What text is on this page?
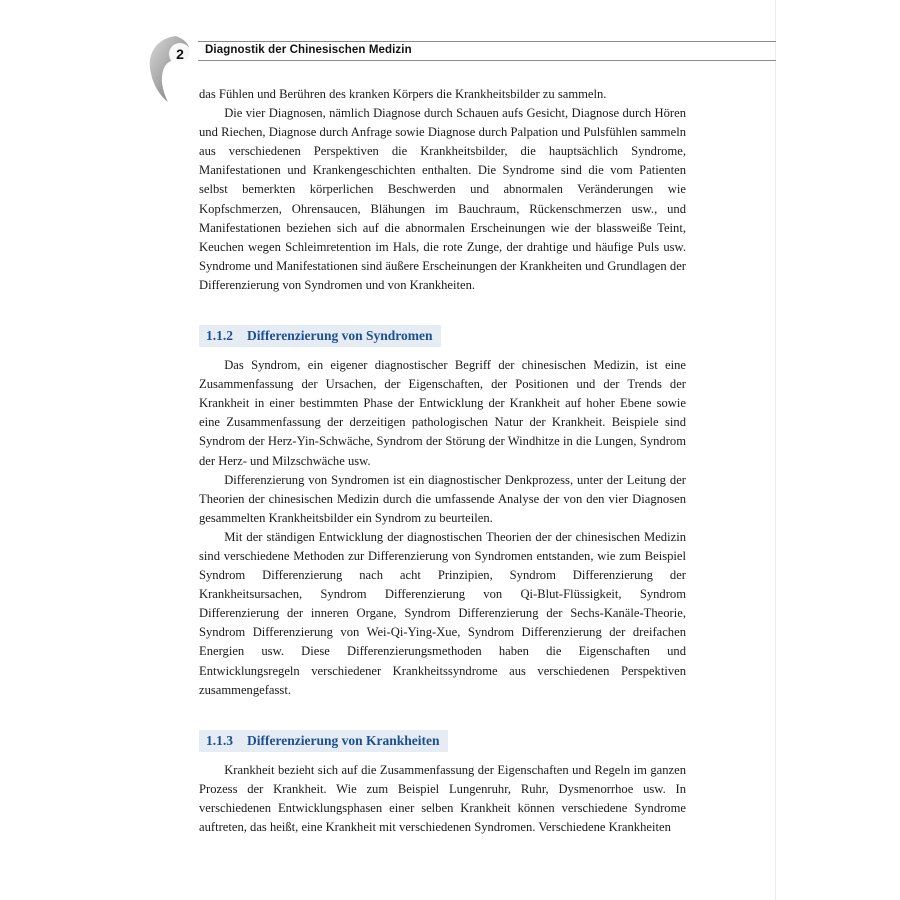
2	Diagnostik der Chinesischen Medizin

das Fühlen und Berühren des kranken Körpers die Krankheitsbilder zu sammeln.

Die vier Diagnosen, nämlich Diagnose durch Schauen aufs Gesicht, Diagnose durch Hören und Riechen, Diagnose durch Anfrage sowie Diagnose durch Palpation und Pulsfühlen sammeln aus verschiedenen Perspektiven die Krankheitsbilder, die hauptsächlich Syndrome, Manifestationen und Krankengeschichten enthalten. Die Syndrome sind die vom Patienten selbst bemerkten körperlichen Beschwerden und abnormalen Veränderungen wie Kopfschmerzen, Ohrensaucen, Blähungen im Bauchraum, Rückenschmerzen usw., und Manifestationen beziehen sich auf die abnormalen Erscheinungen wie der blassweiße Teint, Keuchen wegen Schleimretention im Hals, die rote Zunge, der drahtige und häufige Puls usw. Syndrome und Manifestationen sind äußere Erscheinungen der Krankheiten und Grundlagen der Differenzierung von Syndromen und von Krankheiten.

1.1.2 Differenzierung von Syndromen

Das Syndrom, ein eigener diagnostischer Begriff der chinesischen Medizin, ist eine Zusammenfassung der Ursachen, der Eigenschaften, der Positionen und der Trends der Krankheit in einer bestimmten Phase der Entwicklung der Krankheit auf hoher Ebene sowie eine Zusammenfassung der derzeitigen pathologischen Natur der Krankheit. Beispiele sind Syndrom der Herz-Yin-Schwäche, Syndrom der Störung der Windhitze in die Lungen, Syndrom der Herz- und Milzschwäche usw.

Differenzierung von Syndromen ist ein diagnostischer Denkprozess, unter der Leitung der Theorien der chinesischen Medizin durch die umfassende Analyse der von den vier Diagnosen gesammelten Krankheitsbilder ein Syndrom zu beurteilen.

Mit der ständigen Entwicklung der diagnostischen Theorien der der chinesischen Medizin sind verschiedene Methoden zur Differenzierung von Syndromen entstanden, wie zum Beispiel Syndrom Differenzierung nach acht Prinzipien, Syndrom Differenzierung der Krankheitsursachen, Syndrom Differenzierung von Qi-Blut-Flüssigkeit, Syndrom Differenzierung der inneren Organe, Syndrom Differenzierung der Sechs-Kanäle-Theorie, Syndrom Differenzierung von Wei-Qi-Ying-Xue, Syndrom Differenzierung der dreifachen Energien usw. Diese Differenzierungsmethoden haben die Eigenschaften und Entwicklungsregeln verschiedener Krankheitssyndrome aus verschiedenen Perspektiven zusammengefasst.

1.1.3 Differenzierung von Krankheiten

Krankheit bezieht sich auf die Zusammenfassung der Eigenschaften und Regeln im ganzen Prozess der Krankheit. Wie zum Beispiel Lungenruhr, Ruhr, Dysmenorrhoe usw. In verschiedenen Entwicklungsphasen einer selben Krankheit können verschiedene Syndrome auftreten, das heißt, eine Krankheit mit verschiedenen Syndromen. Verschiedene Krankheiten
